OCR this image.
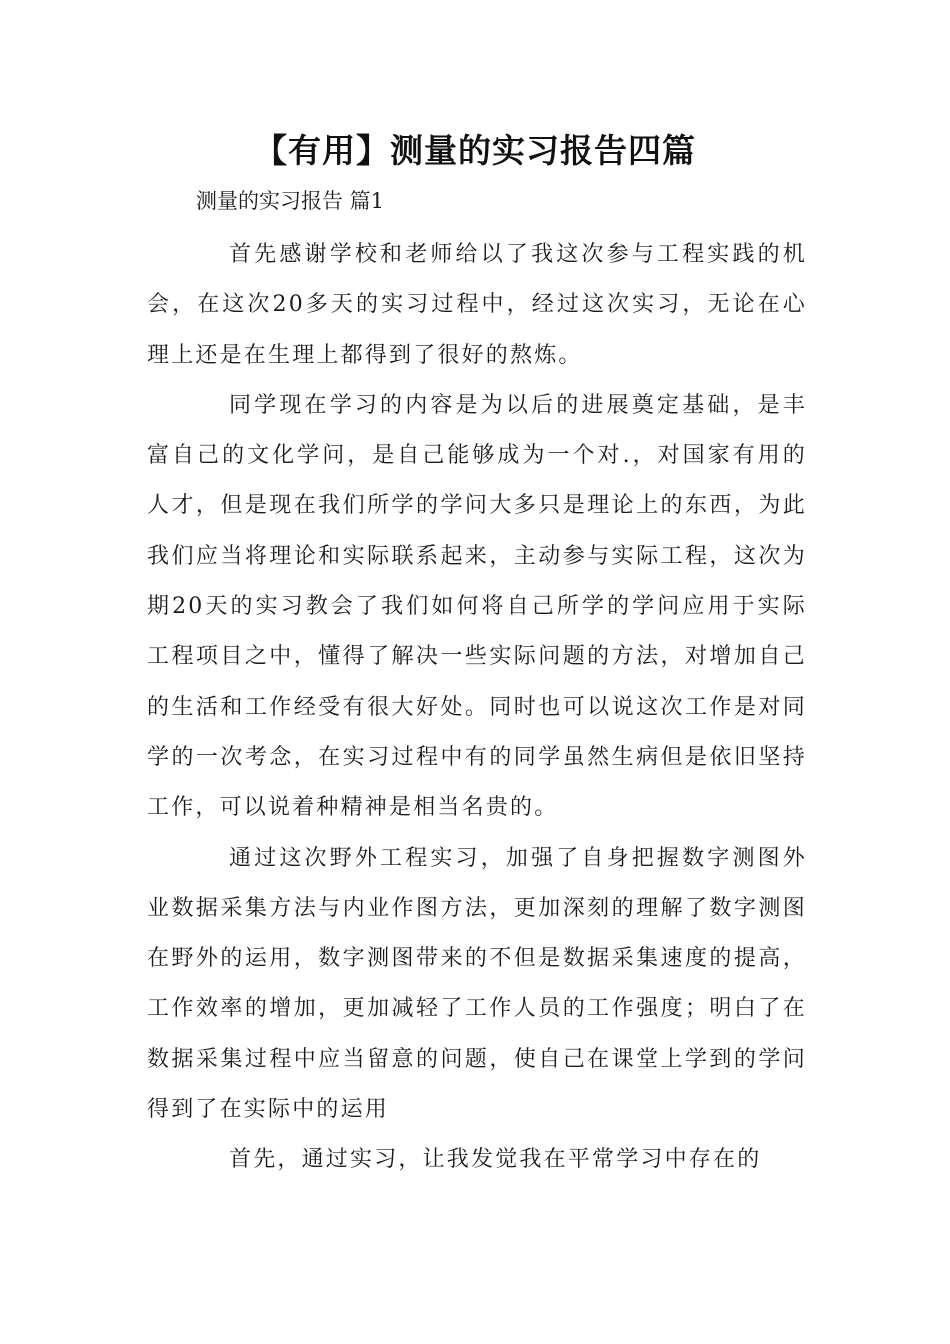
【有用】测量的实习报告四篇
测量的实习报告 篇1

首先感谢学校和老师给以了我这次参与工程实践的机会，在这次20多天的实习过程中，经过这次实习，无论在心理上还是在生理上都得到了很好的熬炼。

同学现在学习的内容是为以后的进展奠定基础，是丰富自己的文化学问，是自己能够成为一个对.，对国家有用的人才，但是现在我们所学的学问大多只是理论上的东西，为此我们应当将理论和实际联系起来，主动参与实际工程，这次为期20天的实习教会了我们如何将自己所学的学问应用于实际工程项目之中，懂得了解决一些实际问题的方法，对增加自己的生活和工作经受有很大好处。同时也可以说这次工作是对同学的一次考念，在实习过程中有的同学虽然生病但是依旧坚持工作，可以说着种精神是相当名贵的。

通过这次野外工程实习，加强了自身把握数字测图外业数据采集方法与内业作图方法，更加深刻的理解了数字测图在野外的运用，数字测图带来的不但是数据采集速度的提高，工作效率的增加，更加减轻了工作人员的工作强度；明白了在数据采集过程中应当留意的问题，使自己在课堂上学到的学问得到了在实际中的运用

首先，通过实习，让我发觉我在平常学习中存在的
